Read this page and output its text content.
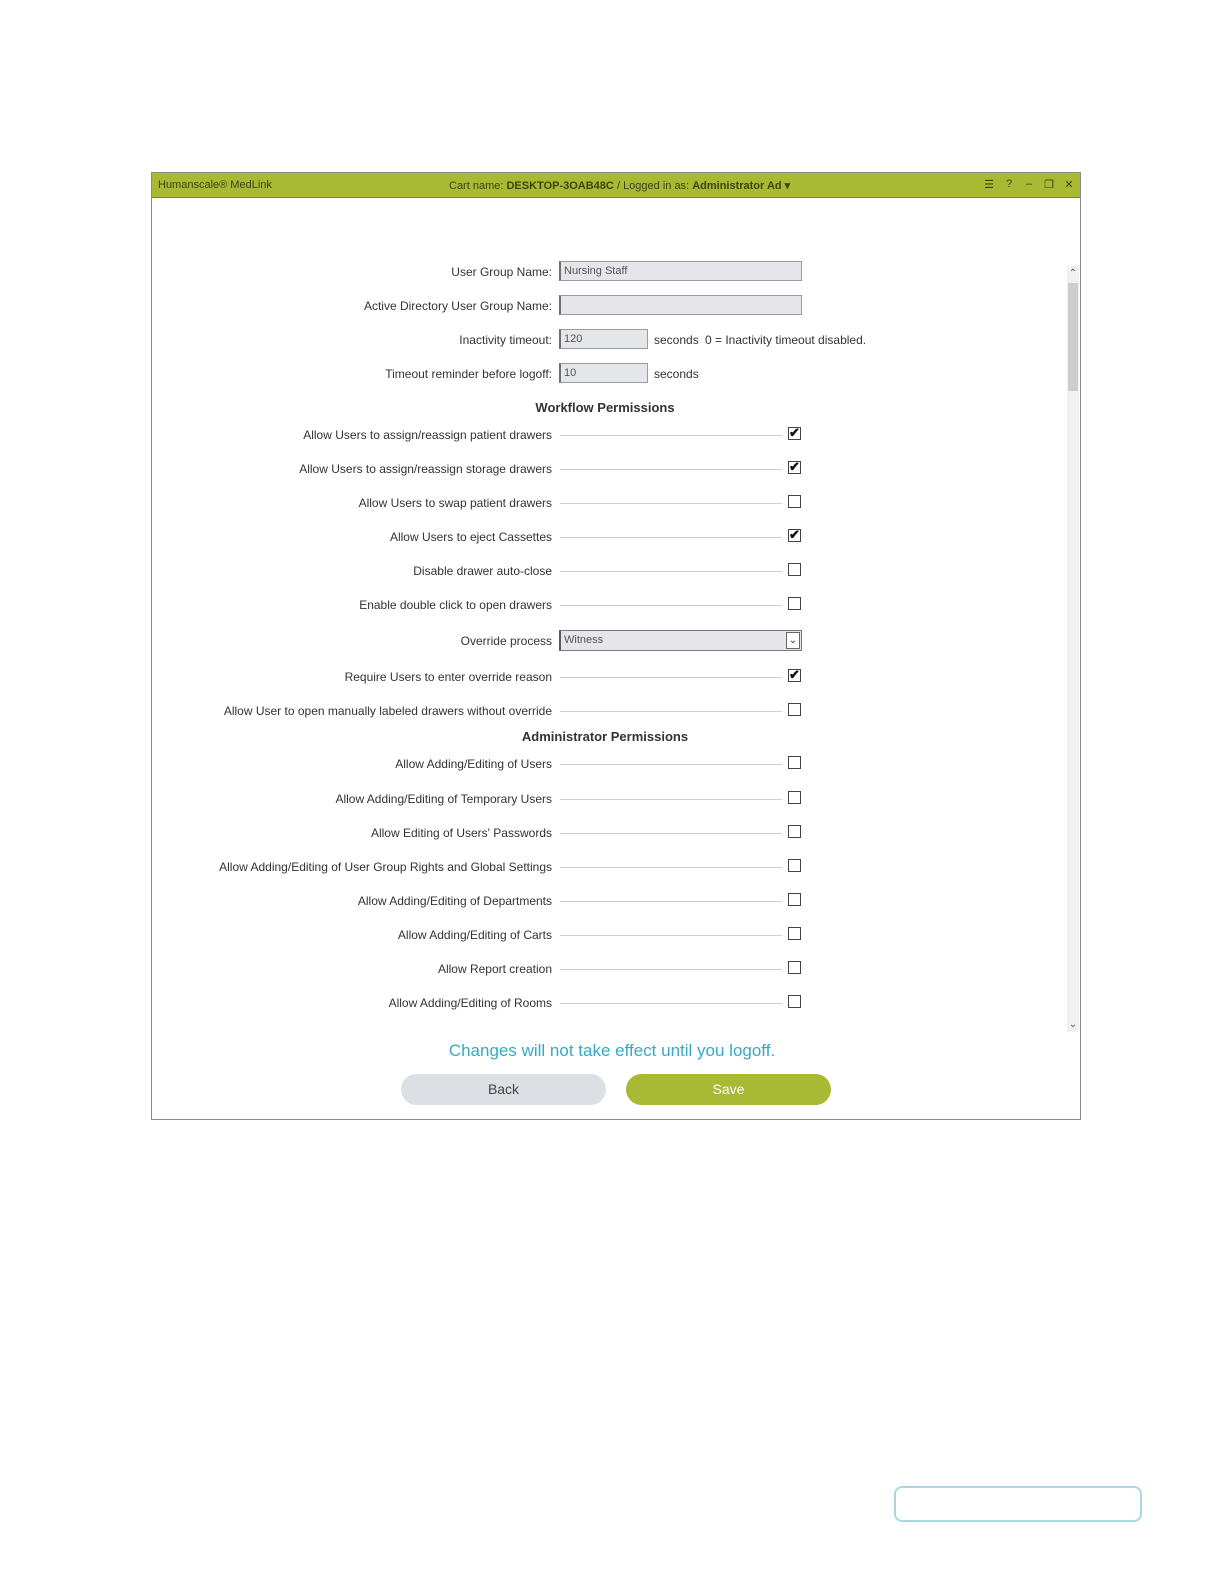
Humanscale® MedLink	Cart name: DESKTOP-3OAB48C / Logged in as: Administrator Ad ▾	☰ ? – ❐ ✕
User Group Name:
Nursing Staff
Active Directory User Group Name:
Inactivity timeout:
120	seconds 0 = Inactivity timeout disabled.
Timeout reminder before logoff:
10	seconds
Workflow Permissions
Allow Users to assign/reassign patient drawers	✔
Allow Users to assign/reassign storage drawers	✔
Allow Users to swap patient drawers
Allow Users to eject Cassettes	✔
Disable drawer auto-close
Enable double click to open drawers
Override process	Witness	⌄
Require Users to enter override reason	✔
Allow User to open manually labeled drawers without override
Administrator Permissions
Allow Adding/Editing of Users
Allow Adding/Editing of Temporary Users
Allow Editing of Users' Passwords
Allow Adding/Editing of User Group Rights and Global Settings
Allow Adding/Editing of Departments
Allow Adding/Editing of Carts
Allow Report creation
Allow Adding/Editing of Rooms
⌃
⌄
Changes will not take effect until you logoff.
Back	Save
